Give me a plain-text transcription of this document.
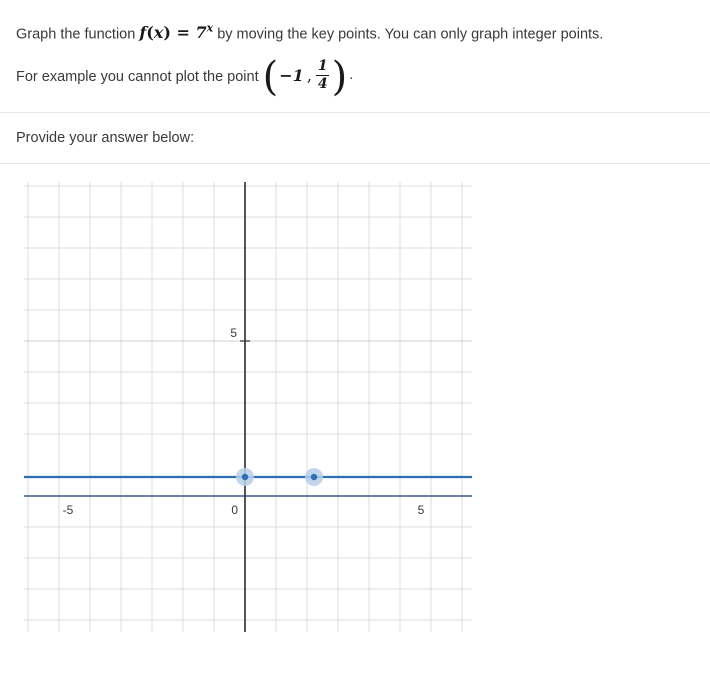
Graph the function $f(x) = 7^x$ by moving the key points. You can only graph integer points.
For example you cannot plot the point ( −1 , $\frac{1}{4}$ ) .
Provide your answer below:
5
-5	5
0
